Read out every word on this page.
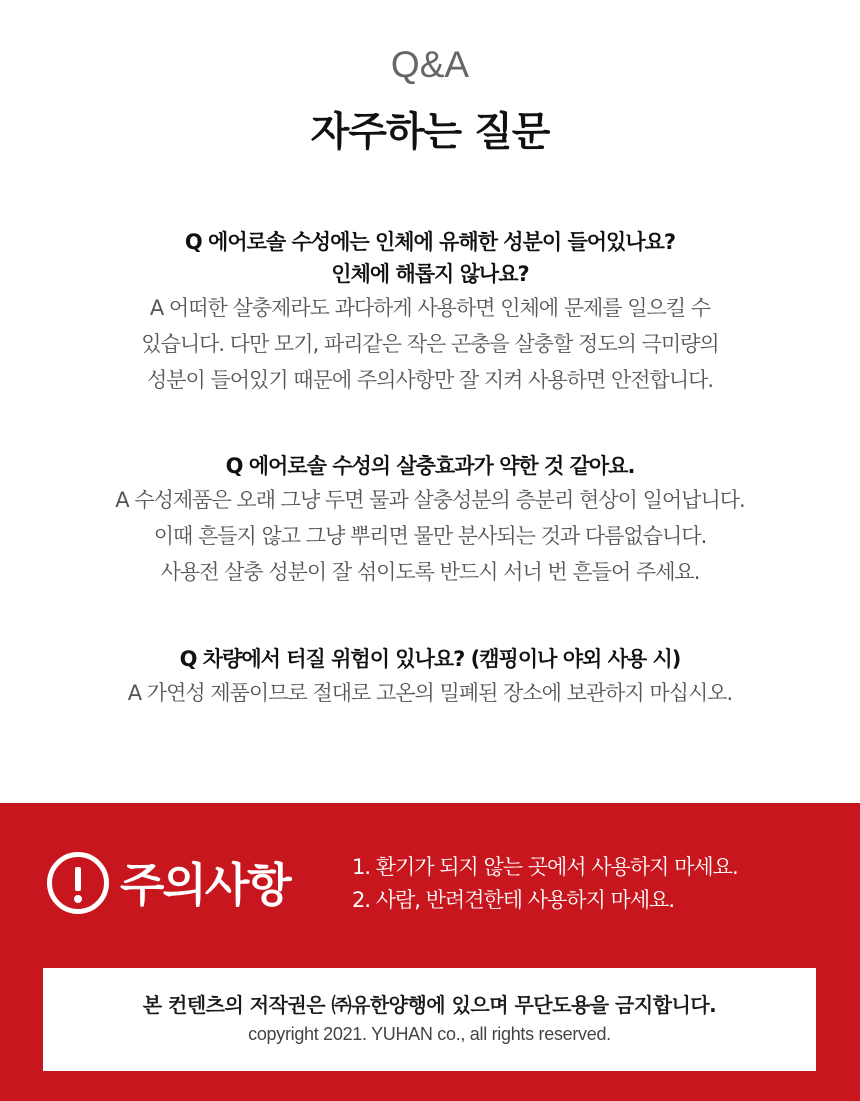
Q&A
자주하는 질문
Q 에어로솔 수성에는 인체에 유해한 성분이 들어있나요?
인체에 해롭지 않나요?
A 어떠한 살충제라도 과다하게 사용하면 인체에 문제를 일으킬 수
있습니다. 다만 모기, 파리같은 작은 곤충을 살충할 정도의 극미량의
성분이 들어있기 때문에 주의사항만 잘 지켜 사용하면 안전합니다.
Q 에어로솔 수성의 살충효과가 약한 것 같아요.
A 수성제품은 오래 그냥 두면 물과 살충성분의 층분리 현상이 일어납니다.
이때 흔들지 않고 그냥 뿌리면 물만 분사되는 것과 다름없습니다.
사용전 살충 성분이 잘 섞이도록 반드시 서너 번 흔들어 주세요.
Q 차량에서 터질 위험이 있나요? (캠핑이나 야외 사용 시)
A 가연성 제품이므로 절대로 고온의 밀폐된 장소에 보관하지 마십시오.
주의사항	1. 환기가 되지 않는 곳에서 사용하지 마세요.
2. 사람, 반려견한테 사용하지 마세요.
본 컨텐츠의 저작권은 ㈜유한양행에 있으며 무단도용을 금지합니다.
copyright 2021. YUHAN co., all rights reserved.
